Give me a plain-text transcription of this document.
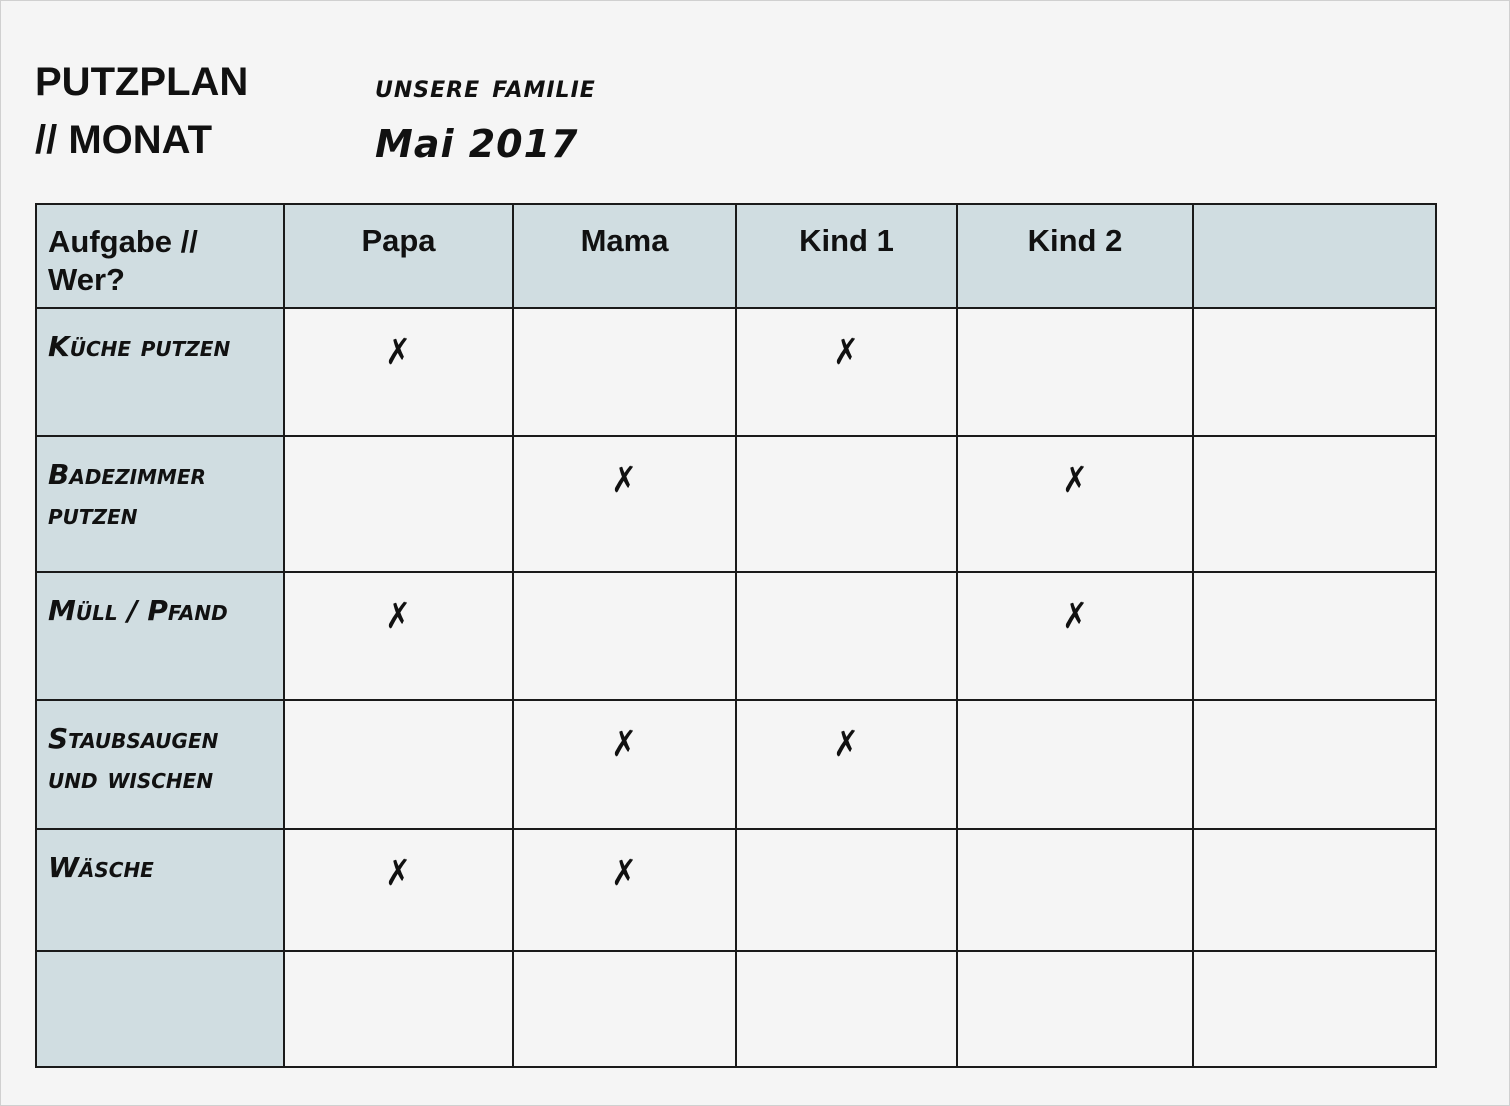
PUTZPLAN
// MONAT
unsere familie
Mai 2017
Aufgabe // Wer?	Papa	Mama	Kind 1	Kind 2	
Küche putzen	✗		✗		
Badezimmer putzen		✗		✗	
Müll / Pfand	✗			✗	
Staubsaugen und wischen		✗	✗		
Wäsche	✗	✗			
